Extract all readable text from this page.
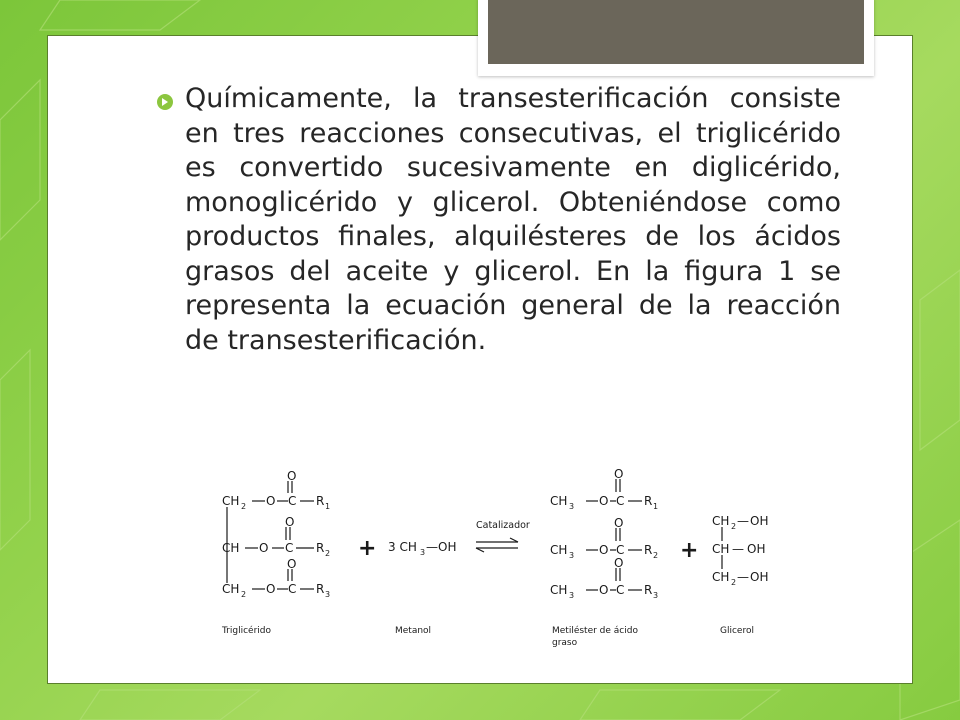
Químicamente, la transesterificación consiste en tres reacciones consecutivas, el triglicérido es convertido sucesivamente en diglicérido, monoglicérido y glicerol. Obteniéndose como productos finales, alquilésteres de los ácidos grasos del aceite y glicerol. En la figura 1 se representa la ecuación general de la reacción de transesterificación.

O
CH 2 O C R 1
O
CH O C R 2
O
CH 2 O C R 3
+	+
3 CH 3 —OH
Catalizador
O
CH 3 O C R 1
O
CH 3 O C R 2
O
CH 3 O C R 3
CH 2 — OH
CH — OH
CH 2 — OH
Triglicérido	Metanol	Metiléster de ácido
graso
Glicerol
